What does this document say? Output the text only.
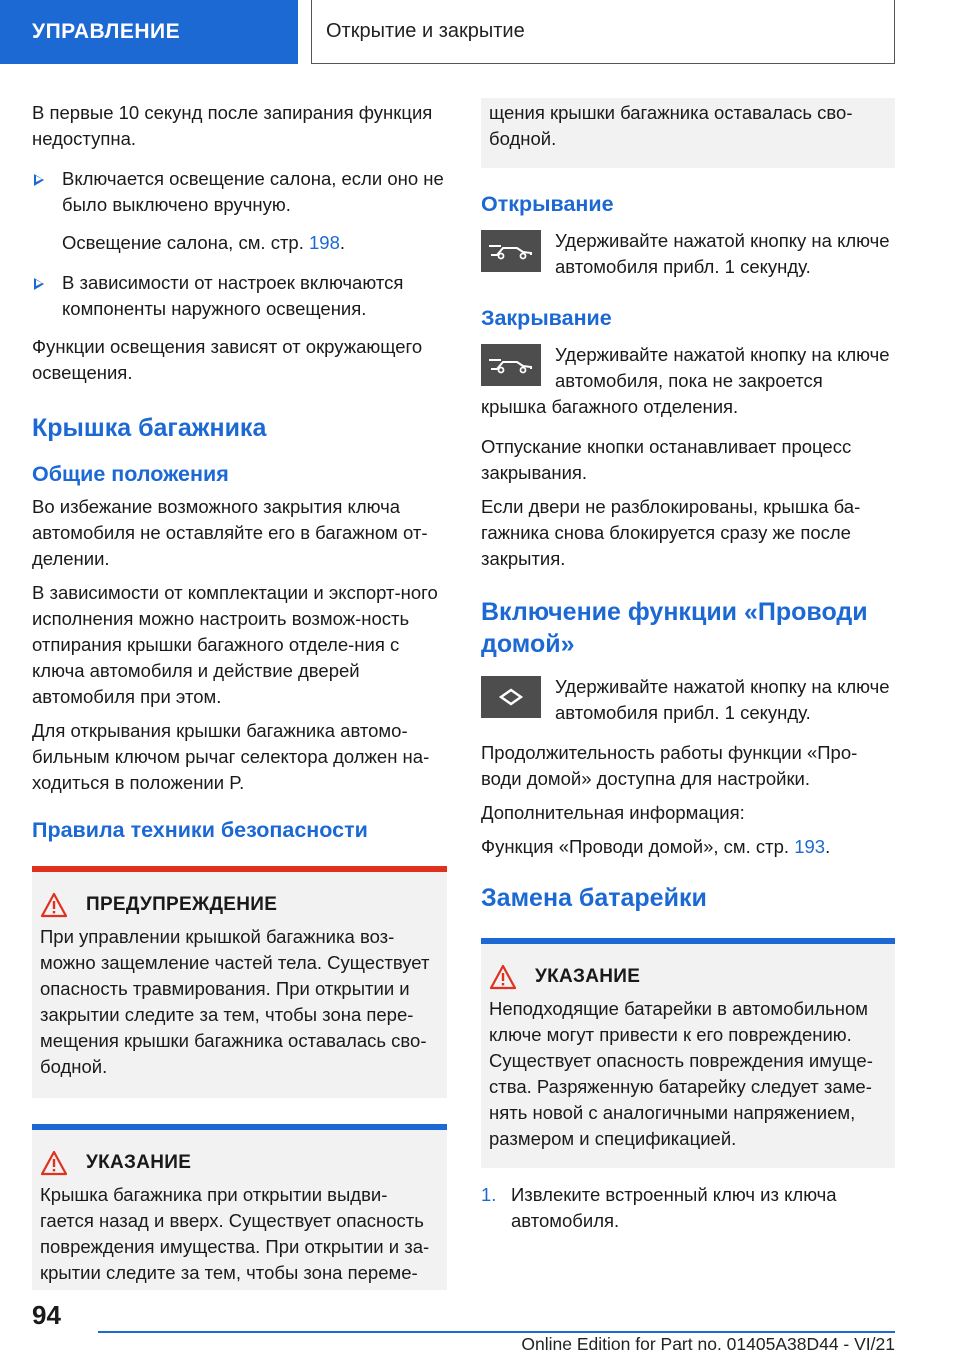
УПРАВЛЕНИЕ	Открытие и закрытие

В первые 10 секунд после запирания функция недоступна.

Включается освещение салона, если оно не было выключено вручную.

Освещение салона, см. стр. 198.

В зависимости от настроек включаются компоненты наружного освещения.

Функции освещения зависят от окружающего освещения.

Крышка багажника
Общие положения

Во избежание возможного закрытия ключа автомобиля не оставляйте его в багажном от-делении.

В зависимости от комплектации и экспорт-ного исполнения можно настроить возмож-ность отпирания крышки багажного отделе-ния с ключа автомобиля и действие дверей автомобиля при этом.

Для открывания крышки багажника автомо-бильным ключом рычаг селектора должен на-ходиться в положении P.

Правила техники безопасности
ПРЕДУПРЕЖДЕНИЕ

При управлении крышкой багажника воз-можно защемление частей тела. Существует опасность травмирования. При открытии и закрытии следите за тем, чтобы зона пере-мещения крышки багажника оставалась сво-бодной.

УКАЗАНИЕ

Крышка багажника при открытии выдви-гается назад и вверх. Существует опасность повреждения имущества. При открытии и за-крытии следите за тем, чтобы зона переме-

щения крышки багажника оставалась сво-бодной.

Открывание

Удерживайте нажатой кнопку на ключе автомобиля прибл. 1 секунду.

Закрывание

Удерживайте нажатой кнопку на ключе автомобиля, пока не закроется

крышка багажного отделения.

Отпускание кнопки останавливает процесс закрывания.

Если двери не разблокированы, крышка ба-гажника снова блокируется сразу же после закрытия.

Включение функции «Проводи домой»

Удерживайте нажатой кнопку на ключе автомобиля прибл. 1 секунду.

Продолжительность работы функции «Про-води домой» доступна для настройки.

Дополнительная информация:

Функция «Проводи домой», см. стр. 193.

Замена батарейки
УКАЗАНИЕ

Неподходящие батарейки в автомобильном ключе могут привести к его повреждению. Существует опасность повреждения имуще-ства. Разряженную батарейку следует заме-нять новой с аналогичными напряжением, размером и спецификацией.

1. Извлеките встроенный ключ из ключа автомобиля.
94
Online Edition for Part no. 01405A38D44 - VI/21
